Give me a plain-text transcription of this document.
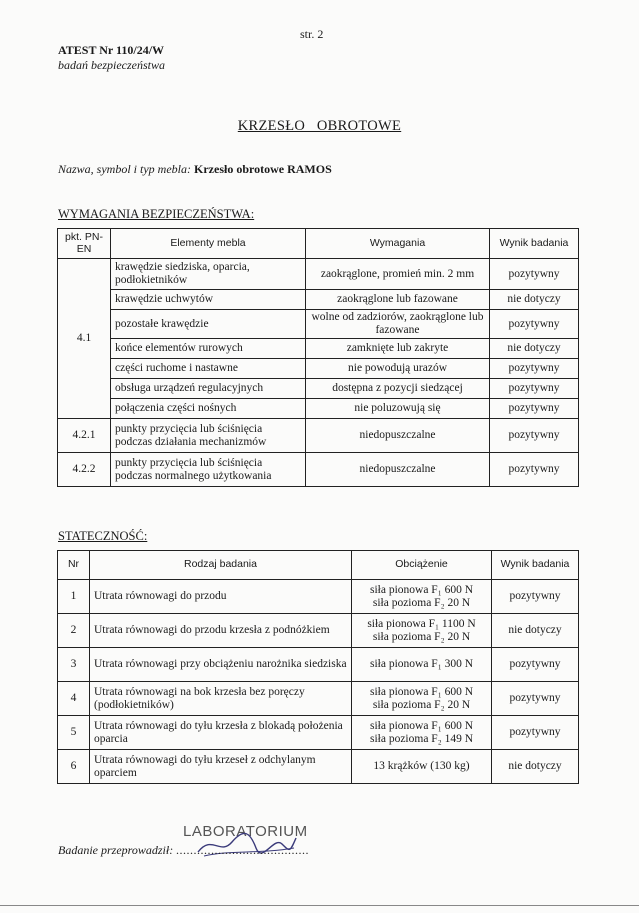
str. 2
ATEST Nr 110/24/W
badań bezpieczeństwa
KRZESŁO   OBROTOWE
Nazwa, symbol i typ mebla: Krzesło obrotowe RAMOS
WYMAGANIA BEZPIECZEŃSTWA:
pkt. PN-EN	Elementy mebla	Wymagania	Wynik badania
4.1	krawędzie siedziska, oparcia, podłokietników	zaokrąglone, promień min. 2 mm	pozytywny
	krawędzie uchwytów	zaokrąglone lub fazowane	nie dotyczy
	pozostałe krawędzie	wolne od zadziorów, zaokrąglone lub fazowane	pozytywny
	końce elementów rurowych	zamknięte lub zakryte	nie dotyczy
	części ruchome i nastawne	nie powodują urazów	pozytywny
	obsługa urządzeń regulacyjnych	dostępna z pozycji siedzącej	pozytywny
	połączenia części nośnych	nie poluzowują się	pozytywny
4.2.1	punkty przycięcia lub ściśnięcia podczas działania mechanizmów	niedopuszczalne	pozytywny
4.2.2	punkty przycięcia lub ściśnięcia podczas normalnego użytkowania	niedopuszczalne	pozytywny
STATECZNOŚĆ:
Nr	Rodzaj badania	Obciążenie	Wynik badania
1	Utrata równowagi do przodu	siła pionowa F₁ 600 N
siła pozioma F₂ 20 N	pozytywny
2	Utrata równowagi do przodu krzesła z podnóżkiem	siła pionowa F₁ 1100 N
siła pozioma F₂ 20 N	nie dotyczy
3	Utrata równowagi przy obciążeniu narożnika siedziska	siła pionowa F₁ 300 N	pozytywny
4	Utrata równowagi na bok krzesła bez poręczy (podłokietników)	siła pionowa F₁ 600 N
siła pozioma F₂ 20 N	pozytywny
5	Utrata równowagi do tyłu krzesła z blokadą położenia oparcia	siła pionowa F₁ 600 N
siła pozioma F₂ 149 N	pozytywny
6	Utrata równowagi do tyłu krzeseł z odchylanym oparciem	13 krążków (130 kg)	nie dotyczy
LABORATORIUM
Badanie przeprowadził: ......................................
